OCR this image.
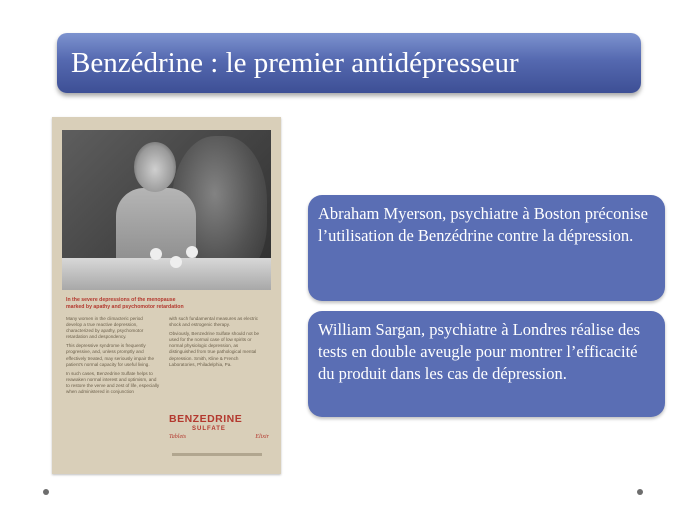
Benzédrine : le premier antidépresseur
In the severe depressions of the menopause
marked by apathy and psychomotor retardation
Many women in the climacteric period develop a true reactive depression, characterized by apathy, psychomotor retardation and despondency.
This depressive syndrome is frequently progressive, and, unless promptly and effectively treated, may seriously impair the patient's normal capacity for useful living.
In such cases, Benzedrine Sulfate helps to reawaken normal interest and optimism, and to restore the verve and zest of life, especially when administered in conjunction
with such fundamental measures as electric shock and estrogenic therapy.
Obviously, Benzedrine Sulfate should not be used for the normal case of low spirits or normal physiologic depression, as distinguished from true pathological mental depression. Smith, Kline & French Laboratories, Philadelphia, Pa.
BENZEDRINE
SULFATE
Tablets	Elixir

Abraham Myerson, psychiatre à Boston préconise l’utilisation de Benzédrine contre la dépression.

William Sargan, psychiatre à Londres réalise des tests en double aveugle pour montrer l’efficacité du produit dans les cas de dépression.
